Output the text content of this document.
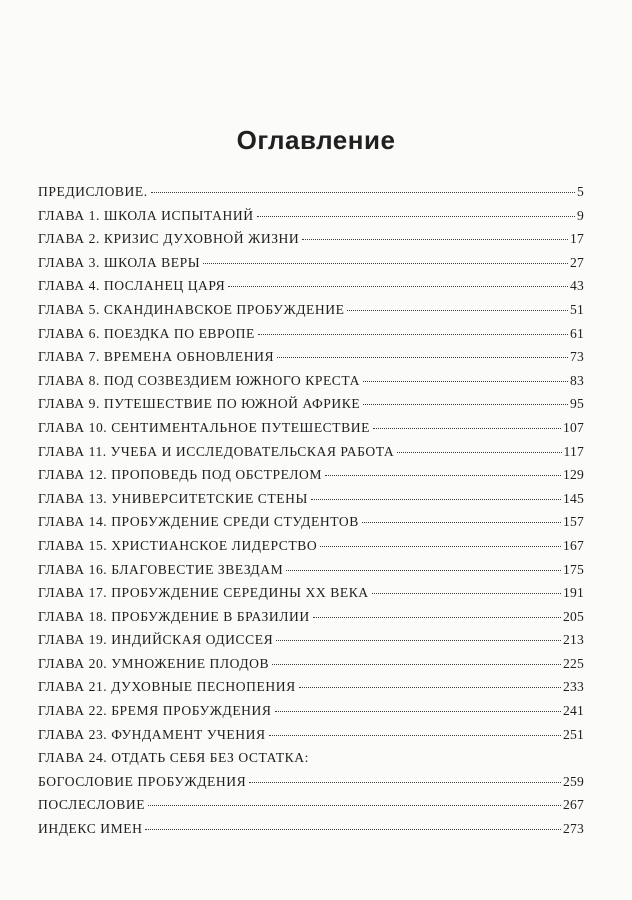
Оглавление
ПРЕДИСЛОВИЕ.	5
ГЛАВА 1. ШКОЛА ИСПЫТАНИЙ	9
ГЛАВА 2. КРИЗИС ДУХОВНОЙ ЖИЗНИ	17
ГЛАВА 3. ШКОЛА ВЕРЫ	27
ГЛАВА 4. ПОСЛАНЕЦ ЦАРЯ	43
ГЛАВА 5. СКАНДИНАВСКОЕ ПРОБУЖДЕНИЕ	51
ГЛАВА 6. ПОЕЗДКА ПО ЕВРОПЕ	61
ГЛАВА 7. ВРЕМЕНА ОБНОВЛЕНИЯ	73
ГЛАВА 8. ПОД СОЗВЕЗДИЕМ ЮЖНОГО КРЕСТА	83
ГЛАВА 9. ПУТЕШЕСТВИЕ ПО ЮЖНОЙ АФРИКЕ	95
ГЛАВА 10. СЕНТИМЕНТАЛЬНОЕ ПУТЕШЕСТВИЕ	107
ГЛАВА 11. УЧЕБА И ИССЛЕДОВАТЕЛЬСКАЯ РАБОТА	117
ГЛАВА 12. ПРОПОВЕДЬ ПОД ОБСТРЕЛОМ	129
ГЛАВА 13. УНИВЕРСИТЕТСКИЕ СТЕНЫ	145
ГЛАВА 14. ПРОБУЖДЕНИЕ СРЕДИ СТУДЕНТОВ	157
ГЛАВА 15. ХРИСТИАНСКОЕ ЛИДЕРСТВО	167
ГЛАВА 16. БЛАГОВЕСТИЕ ЗВЕЗДАМ	175
ГЛАВА 17. ПРОБУЖДЕНИЕ СЕРЕДИНЫ XX ВЕКА	191
ГЛАВА 18. ПРОБУЖДЕНИЕ В БРАЗИЛИИ	205
ГЛАВА 19. ИНДИЙСКАЯ ОДИССЕЯ	213
ГЛАВА 20. УМНОЖЕНИЕ ПЛОДОВ	225
ГЛАВА 21. ДУХОВНЫЕ ПЕСНОПЕНИЯ	233
ГЛАВА 22. БРЕМЯ ПРОБУЖДЕНИЯ	241
ГЛАВА 23. ФУНДАМЕНТ УЧЕНИЯ	251
ГЛАВА 24. ОТДАТЬ СЕБЯ БЕЗ ОСТАТКА:
БОГОСЛОВИЕ ПРОБУЖДЕНИЯ	259
ПОСЛЕСЛОВИЕ	267
ИНДЕКС ИМЕН	273
